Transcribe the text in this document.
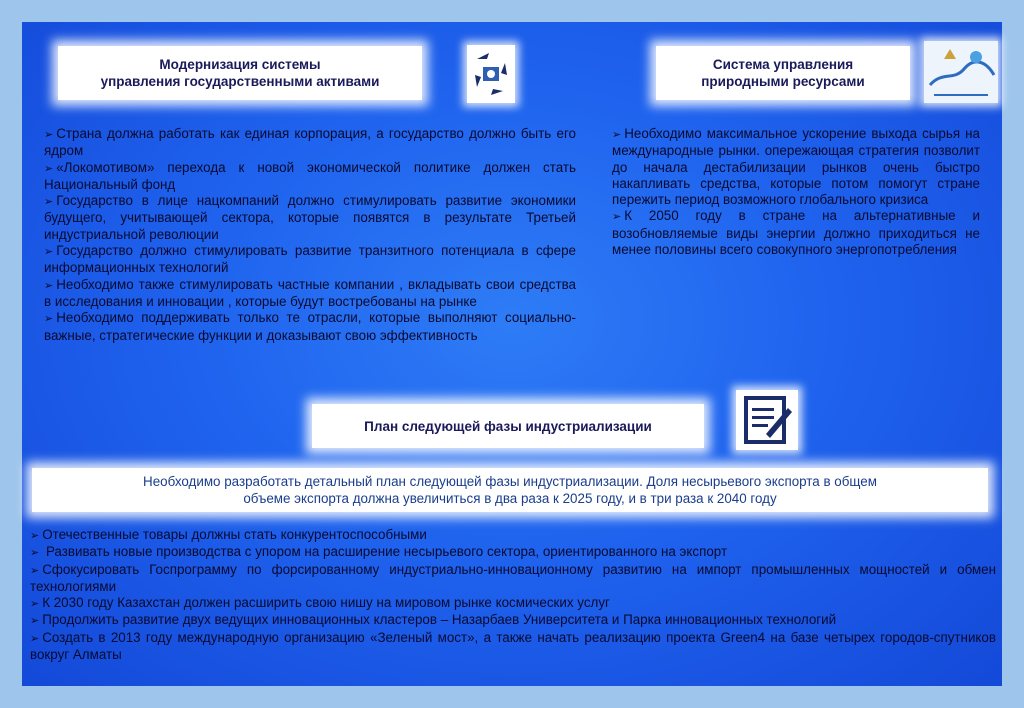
Модернизация системы
управления государственными активами
Система управления
природными ресурсами

➢ Страна должна работать как единая корпорация, а государство должно быть его ядром

➢ «Локомотивом» перехода к новой экономической политике должен стать Национальный фонд

➢ Государство в лице нацкомпаний должно стимулировать развитие экономики будущего, учитывающей сектора, которые появятся в результате Третьей индустриальной революции

➢ Государство должно стимулировать развитие транзитного потенциала в сфере информационных технологий

➢ Необходимо также стимулировать частные компании , вкладывать свои средства в исследования и инновации , которые будут востребованы на рынке

➢ Необходимо поддерживать только те отрасли, которые выполняют социально-важные, стратегические функции и доказывают свою эффективность

➢ Необходимо максимальное ускорение выхода сырья на международные рынки. опережающая стратегия позволит до начала дестабилизации рынков очень быстро накапливать средства, которые потом помогут стране пережить период возможного глобального кризиса

➢ К 2050 году в стране на альтернативные и возобновляемые виды энергии должно приходиться не менее половины всего совокупного энергопотребления

План следующей фазы индустриализации
Необходимо разработать детальный план следующей фазы индустриализации. Доля несырьевого экспорта в общем
объеме экспорта должна увеличиться в два раза к 2025 году, и в три раза к 2040 году

➢ Отечественные товары должны стать конкурентоспособными

➢ Развивать новые производства с упором на расширение несырьевого сектора, ориентированного на экспорт

➢ Сфокусировать Госпрограмму по форсированному индустриально-инновационному развитию на импорт промышленных мощностей и обмен технологиями

➢ К 2030 году Казахстан должен расширить свою нишу на мировом рынке космических услуг

➢ Продолжить развитие двух ведущих инновационных кластеров – Назарбаев Университета и Парка инновационных технологий

➢ Создать в 2013 году международную организацию «Зеленый мост», а также начать реализацию проекта Green4 на базе четырех городов-спутников вокруг Алматы
